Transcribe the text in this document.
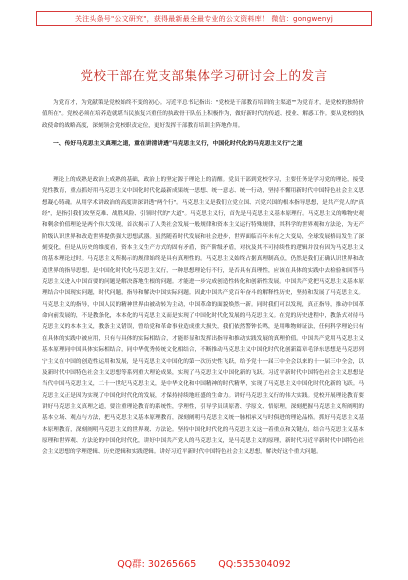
关注头条号"公文研究"，获得最新最全最专业的公文资料库！ 微信：gongwenyj
党校干部在党支部集体学习研讨会上的发言

为党育才，为党献策是党校始终不变的初心。习近平总书记指出："党校是干部教育培训的主渠道""为党育才，是党校的独特价值所在"。党校必须在培养造就堪当民族复兴重任的执政骨干队伍上积极作为，做好新时代的传道、授业、解惑工作。要从党校的执政使命的战略高度，深刻领会党校职责定位，更好发挥干部教育培训主阵地作用。

一、传好马克思主义真理之道，重在讲清讲透"马克思主义行，中国化时代化的马克思主义行"之道

理论上的成熟是政治上成熟的基础，政治上的坚定源于理论上的清醒。党员干部到党校学习，主要任务是学习党的理论，接受党性教育，重点抓好用马克思主义中国化时代化最新成果统一思想、统一意志、统一行动，坚持不懈用新时代中国特色社会主义思想凝心铸魂。从用学术讲政治的高度讲深讲透"两个行"。马克思主义是我们立党立国、兴党兴国的根本指导思想，是共产党人的"真经"，是指引我们攻坚克难、战胜风险、引领时代的"大道"。马克思主义行，首先是马克思主义基本原理行。马克思主义的唯物史观和剩余价值理论是两个伟大发现，首次揭示了人类社会发展一般规律和资本主义运行特殊规律，其科学的世界观和方法论，为无产阶级认识世界和改造世界提供强大思想武器。虽然随着时代发展和社会进步，世界面临百年未有之大变局，全球发展格局发生了深刻变化，但是从历史的维度看，资本主义生产方式的固有矛盾，资产阶级矛盾，对抗及其不可持续性的逻辑并没有因为马克思主义的基本理论过时。马克思主义所揭示的规律始终是具有真理性的。马克思主义始终占据真理制高点，仍然是我们正确认识世界和改造世界的指导思想，是中国化时代化马克思主义行，一种思想理论行不行，是否具有真理性，应该在具体的实践中去检验和回答马克思主义进入中国首要的问题是解决落地生根的问题。才能进一步完成创造性转化和创新性发展。中国共产党把马克思主义基本原理结合中国现实问题，时代问题，指导和解决中国实际问题。因此中国共产党百年奋斗的解释性历史，坚持和发展了马克思主义。马克思主义的指导，中国人民的精神世界由被动转为主动，中国革命的面貌焕然一新。同时我们可以发现，真正指导，推动中国革命向前发展的，不是教条化，本本化的马克思主义而是实现了中国化时代化发展的马克思主义。在党的历史进程中，教条式对待马克思主义的本本主义，教条主义错误，曾给党和革命事业造成重大损失，我们依然警钟长鸣，是用唯物辩证法，任何科学理论只有在具体的实践中被应用，只有与具体的实际相结合，才能彰显和发挥出指导和推动实践发展的真理价值。中国共产党用马克思主义基本原理同中国具体实际相结合，同中华优秀传统文化相结合，不断推动马克思主义中国化时代化创新篇章毛泽东思想是马克思列宁主义在中国的创造性运用和发展，是马克思主义中国化的第一次历史性飞跃，给予党十一届三中全会以来的十一届三中全会，以及新时代中国特色社会主义思想等系列重大理论成果，实现了马克思主义中国化新的飞跃。习近平新时代中国特色社会主义思想是当代中国马克思主义，二十一世纪马克思主义，是中华文化和中国精神的时代精华，实现了马克思主义中国化时代化新的飞跃。马克思主义正是因为实现了中国化时代化的发展，才保持持续地旺盛的生命力。讲好马克思主义行的伟大实践。党校开展理论教育要讲好马克思主义真理之道，要注重理论教育的系统性，学理性，引导学员读原著、学原文、悟原理，深刻把握马克思主义所阐明的基本立场、观点与方法，把马克思主义基本原理教育，深刻阐明马克思主义统一脉相承又与时俱进的理论品格。抓好马克思主义基本原理教育，深刻阐明马克思主义的世界观、方法论。坚持中国化时代化的马克思主义这一着重点和关键点，结合马克思主义基本原理和世界观、方法论的中国化时代化，讲好中国共产党人的马克思主义，是马克思主义的原理，新时代习近平新时代中国特色社会主义思想的学理逻辑、历史逻辑和实践逻辑。讲好习近平新时代中国特色社会主义思想，解决好这个重大问题。

QQ群: 30265665 QQ:535304092
